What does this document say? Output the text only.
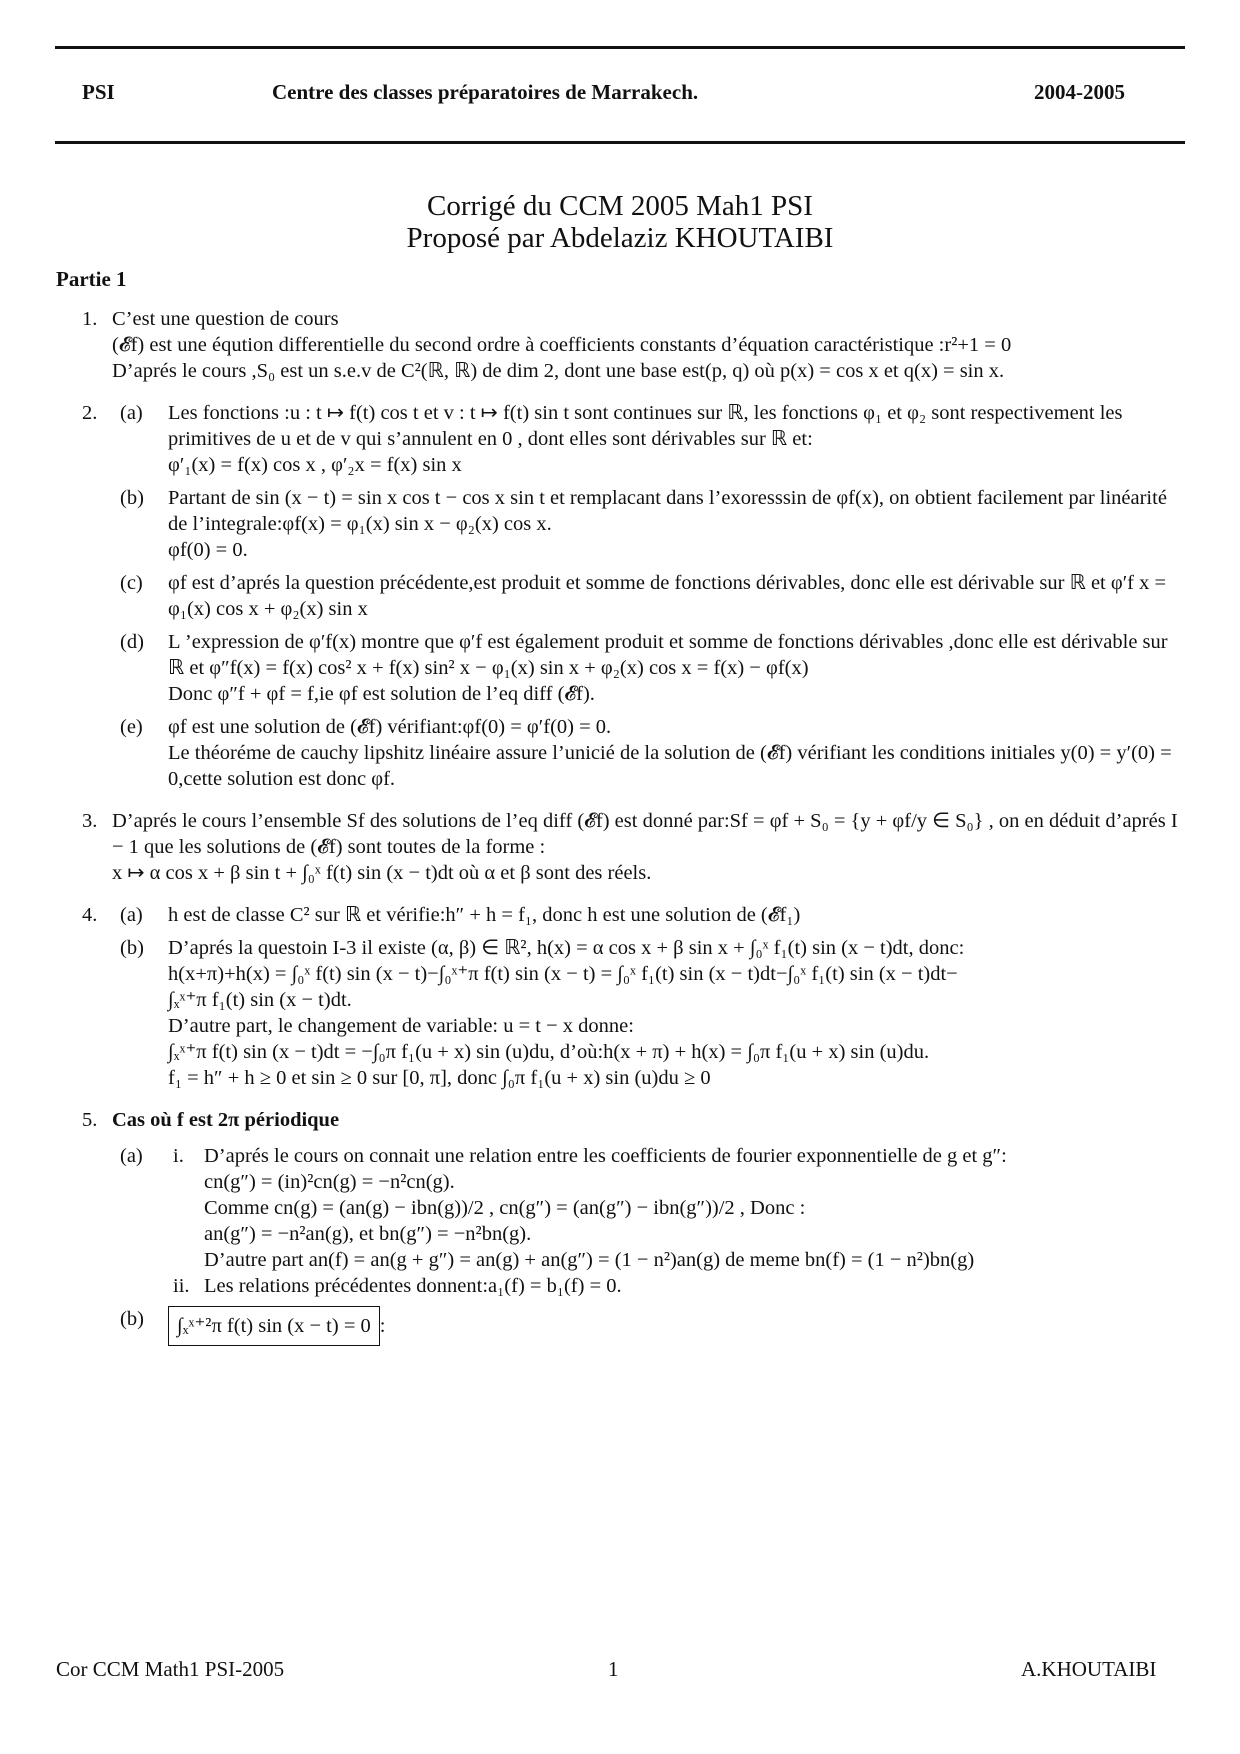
PSI	Centre des classes préparatoires de Marrakech.	2004-2005
Corrigé du CCM 2005 Mah1 PSI
Proposé par Abdelaziz KHOUTAIBI
Partie 1
1. C’est une question de cours

(𝓔f) est une éqution differentielle du second ordre à coefficients constants d’équation caractéristique :r²+1 = 0

D’aprés le cours ,S₀ est un s.e.v de C²(ℝ, ℝ) de dim 2, dont une base est(p, q) où p(x) = cos x et q(x) = sin x.

2. (a) Les fonctions :u : t ↦ f(t) cos t et v : t ↦ f(t) sin t sont continues sur ℝ, les fonctions φ₁ et φ₂ sont respectivement les primitives de u et de v qui s’annulent en 0 , dont elles sont dérivables sur ℝ et:

φ′₁(x) = f(x) cos x , φ′₂x = f(x) sin x

(b) Partant de sin (x − t) = sin x cos t − cos x sin t et remplacant dans l’exoresssin de φf(x), on obtient facilement par linéarité de l’integrale:φf(x) = φ₁(x) sin x − φ₂(x) cos x.

φf(0) = 0.

(c) φf est d’aprés la question précédente,est produit et somme de fonctions dérivables, donc elle est dérivable sur ℝ et φ′f x = φ₁(x) cos x + φ₂(x) sin x

(d) L ’expression de φ′f(x) montre que φ′f est également produit et somme de fonctions dérivables ,donc elle est dérivable sur ℝ et φ″f(x) = f(x) cos² x + f(x) sin² x − φ₁(x) sin x + φ₂(x) cos x = f(x) − φf(x)

Donc φ″f + φf = f,ie φf est solution de l’eq diff (𝓔f).

(e) φf est une solution de (𝓔f) vérifiant:φf(0) = φ′f(0) = 0.

Le théoréme de cauchy lipshitz linéaire assure l’unicié de la solution de (𝓔f) vérifiant les conditions initiales y(0) = y′(0) = 0,cette solution est donc φf.

3. D’aprés le cours l’ensemble Sf des solutions de l’eq diff (𝓔f) est donné par:Sf = φf + S₀ = {y + φf/y ∈ S₀} , on en déduit d’aprés I − 1 que les solutions de (𝓔f) sont toutes de la forme :

x ↦ α cos x + β sin t + ∫₀ˣ f(t) sin (x − t)dt où α et β sont des réels.

4. (a) h est de classe C² sur ℝ et vérifie:h″ + h = f₁, donc h est une solution de (𝓔f₁)

(b) D’aprés la questoin I-3 il existe (α, β) ∈ ℝ², h(x) = α cos x + β sin x + ∫₀ˣ f₁(t) sin (x − t)dt, donc:

h(x+π)+h(x) = ∫₀ˣ f(t) sin (x − t)−∫₀ˣ⁺π f(t) sin (x − t) = ∫₀ˣ f₁(t) sin (x − t)dt−∫₀ˣ f₁(t) sin (x − t)dt−

∫ₓˣ⁺π f₁(t) sin (x − t)dt.

D’autre part, le changement de variable: u = t − x donne:

∫ₓˣ⁺π f(t) sin (x − t)dt = −∫₀π f₁(u + x) sin (u)du, d’où:h(x + π) + h(x) = ∫₀π f₁(u + x) sin (u)du.

f₁ = h″ + h ≥ 0 et sin ≥ 0 sur [0, π], donc ∫₀π f₁(u + x) sin (u)du ≥ 0

5. Cas où f est 2π périodique

(a) i. D’aprés le cours on connait une relation entre les coefficients de fourier exponnentielle de g et g″:

cn(g″) = (in)²cn(g) = −n²cn(g).

Comme cn(g) = (an(g) − ibn(g))/2 , cn(g″) = (an(g″) − ibn(g″))/2 , Donc :

an(g″) = −n²an(g), et bn(g″) = −n²bn(g).

D’autre part an(f) = an(g + g″) = an(g) + an(g″) = (1 − n²)an(g) de meme bn(f) = (1 − n²)bn(g)

ii. Les relations précédentes donnent:a₁(f) = b₁(f) = 0.

(b)	∫ₓˣ⁺²π f(t) sin (x − t) = 0 :

Cor CCM Math1 PSI-2005	1	A.KHOUTAIBI
